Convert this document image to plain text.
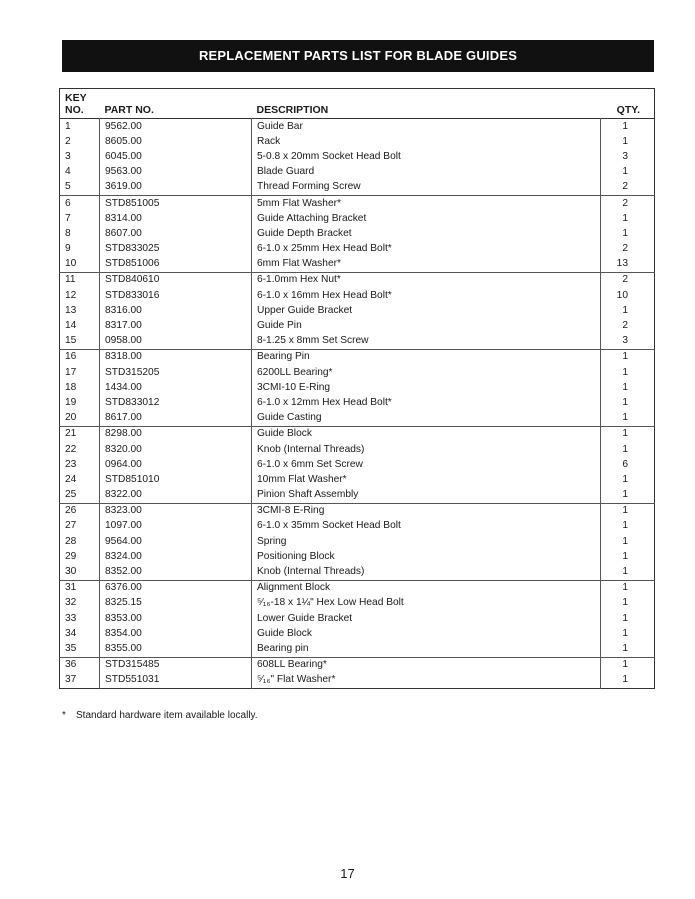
REPLACEMENT PARTS LIST FOR BLADE GUIDES
KEY
NO.	PART NO.	DESCRIPTION	QTY.
1	9562.00	Guide Bar	1
2	8605.00	Rack	1
3	6045.00	5-0.8 x 20mm Socket Head Bolt	3
4	9563.00	Blade Guard	1
5	3619.00	Thread Forming Screw	2
6	STD851005	5mm Flat Washer*	2
7	8314.00	Guide Attaching Bracket	1
8	8607.00	Guide Depth Bracket	1
9	STD833025	6-1.0 x 25mm Hex Head Bolt*	2
10	STD851006	6mm Flat Washer*	13
11	STD840610	6-1.0mm Hex Nut*	2
12	STD833016	6-1.0 x 16mm Hex Head Bolt*	10
13	8316.00	Upper Guide Bracket	1
14	8317.00	Guide Pin	2
15	0958.00	8-1.25 x 8mm Set Screw	3
16	8318.00	Bearing Pin	1
17	STD315205	6200LL Bearing*	1
18	1434.00	3CMI-10 E-Ring	1
19	STD833012	6-1.0 x 12mm Hex Head Bolt*	1
20	8617.00	Guide Casting	1
21	8298.00	Guide Block	1
22	8320.00	Knob (Internal Threads)	1
23	0964.00	6-1.0 x 6mm Set Screw	6
24	STD851010	10mm Flat Washer*	1
25	8322.00	Pinion Shaft Assembly	1
26	8323.00	3CMI-8 E-Ring	1
27	1097.00	6-1.0 x 35mm Socket Head Bolt	1
28	9564.00	Spring	1
29	8324.00	Positioning Block	1
30	8352.00	Knob (Internal Threads)	1
31	6376.00	Alignment Block	1
32	8325.15	⁵⁄₁₆-18 x 1¼" Hex Low Head Bolt	1
33	8353.00	Lower Guide Bracket	1
34	8354.00	Guide Block	1
35	8355.00	Bearing pin	1
36	STD315485	608LL Bearing*	1
37	STD551031	⁵⁄₁₆" Flat Washer*	1
* Standard hardware item available locally.
17
